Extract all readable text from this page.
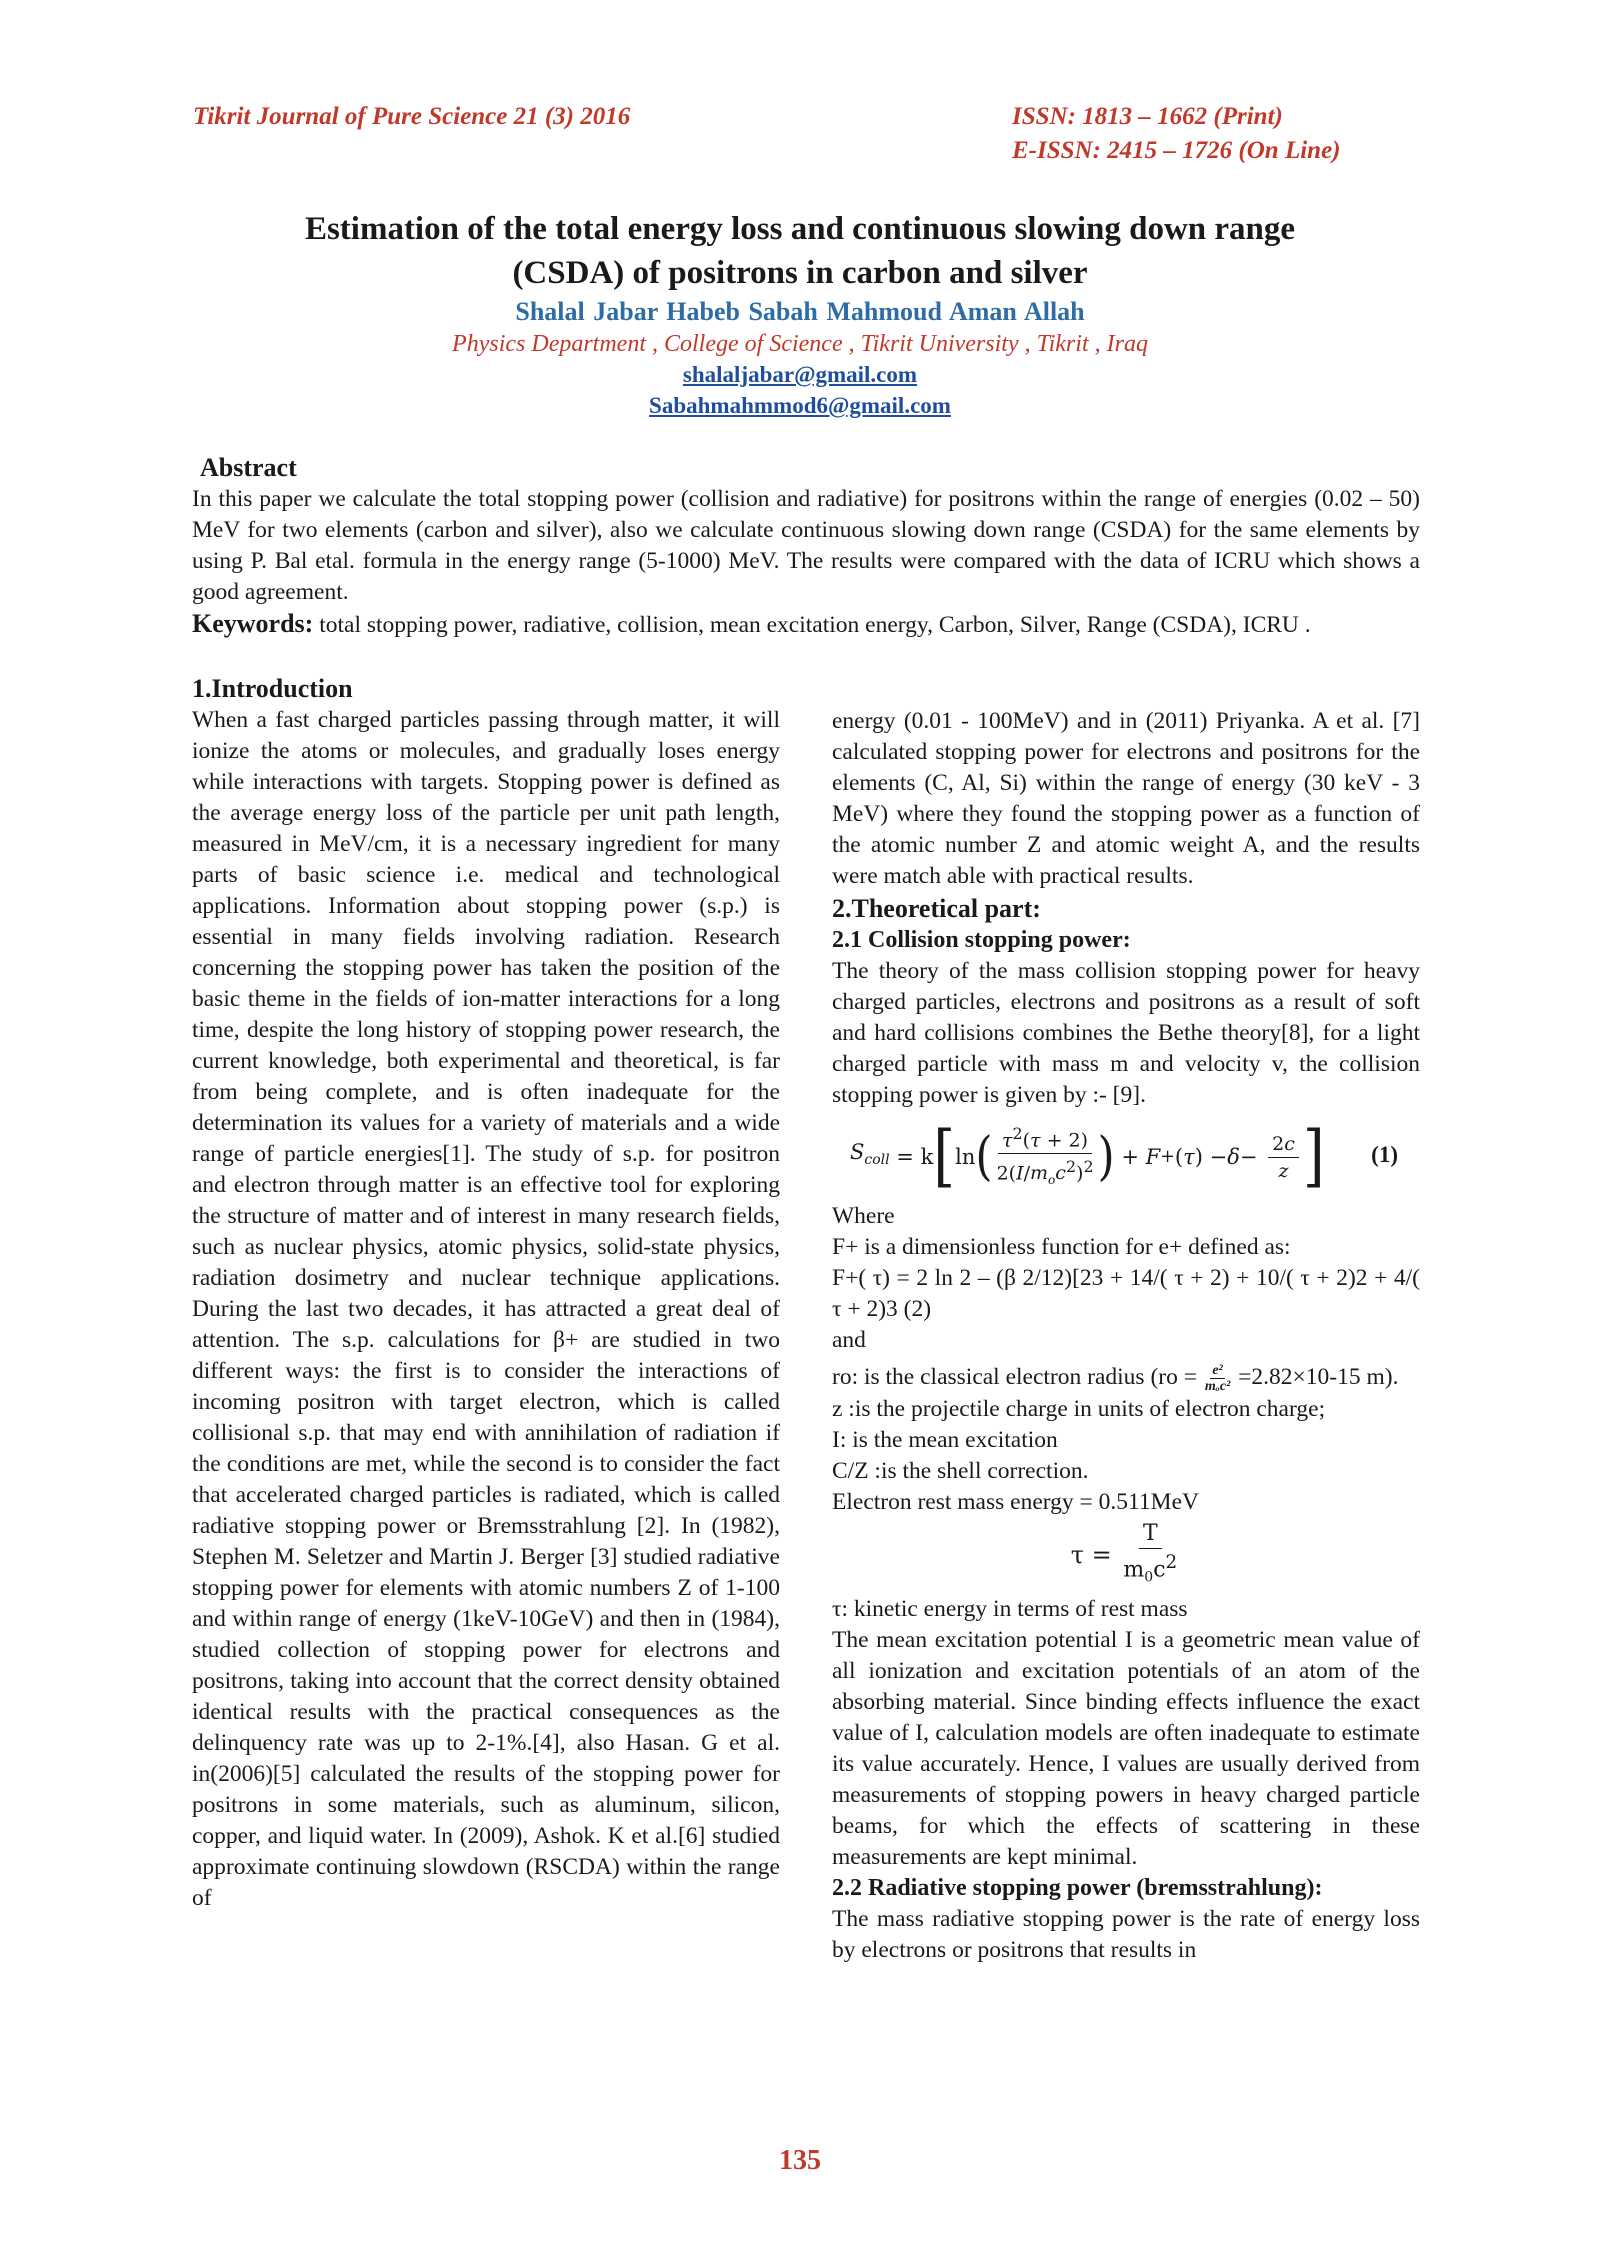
Tikrit Journal of Pure Science 21 (3) 2016	ISSN: 1813 – 1662 (Print)
E-ISSN: 2415 – 1726 (On Line)
Estimation of the total energy loss and continuous slowing down range
(CSDA) of positrons in carbon and silver
Shalal Jabar Habeb Sabah Mahmoud Aman Allah
Physics Department , College of Science , Tikrit University , Tikrit , Iraq
shalaljabar@gmail.com
Sabahmahmmod6@gmail.com
Abstract
In this paper we calculate the total stopping power (collision and radiative) for positrons within the range of energies (0.02 – 50) MeV for two elements (carbon and silver), also we calculate continuous slowing down range (CSDA) for the same elements by using P. Bal etal. formula in the energy range (5-1000) MeV. The results were compared with the data of ICRU which shows a good agreement.
Keywords: total stopping power, radiative, collision, mean excitation energy, Carbon, Silver, Range (CSDA), ICRU .
1.Introduction

When a fast charged particles passing through matter, it will ionize the atoms or molecules, and gradually loses energy while interactions with targets. Stopping power is defined as the average energy loss of the particle per unit path length, measured in MeV/cm, it is a necessary ingredient for many parts of basic science i.e. medical and technological applications. Information about stopping power (s.p.) is essential in many fields involving radiation. Research concerning the stopping power has taken the position of the basic theme in the fields of ion-matter interactions for a long time, despite the long history of stopping power research, the current knowledge, both experimental and theoretical, is far from being complete, and is often inadequate for the determination its values for a variety of materials and a wide range of particle energies[1]. The study of s.p. for positron and electron through matter is an effective tool for exploring the structure of matter and of interest in many research fields, such as nuclear physics, atomic physics, solid-state physics, radiation dosimetry and nuclear technique applications. During the last two decades, it has attracted a great deal of attention. The s.p. calculations for β+ are studied in two different ways: the first is to consider the interactions of incoming positron with target electron, which is called collisional s.p. that may end with annihilation of radiation if the conditions are met, while the second is to consider the fact that accelerated charged particles is radiated, which is called radiative stopping power or Bremsstrahlung [2]. In (1982), Stephen M. Seletzer and Martin J. Berger [3] studied radiative stopping power for elements with atomic numbers Z of 1-100 and within range of energy (1keV-10GeV) and then in (1984), studied collection of stopping power for electrons and positrons, taking into account that the correct density obtained identical results with the practical consequences as the delinquency rate was up to 2-1%.[4], also Hasan. G et al. in(2006)[5] calculated the results of the stopping power for positrons in some materials, such as aluminum, silicon, copper, and liquid water. In (2009), Ashok. K et al.[6] studied approximate continuing slowdown (RSCDA) within the range of

energy (0.01 - 100MeV) and in (2011) Priyanka. A et al. [7] calculated stopping power for electrons and positrons for the elements (C, Al, Si) within the range of energy (30 keV - 3 MeV) where they found the stopping power as a function of the atomic number Z and atomic weight A, and the results were match able with practical results.

2.Theoretical part:
2.1 Collision stopping power:

The theory of the mass collision stopping power for heavy charged particles, electrons and positrons as a result of soft and hard collisions combines the Bethe theory[8], for a light charged particle with mass m and velocity v, the collision stopping power is given by :- [9].

$S_{coll} = k$ [ ln ( $\frac{\tau^2(\tau + 2)}{2(I/m_oc^2)^2}$ ) + F + ( τ ) − $\delta - \frac{2c}{z}$ ] (1)

Where

F+ is a dimensionless function for e+ defined as:

F+( τ) = 2 ln 2 – (β 2/12)[23 + 14/( τ + 2) + 10/( τ + 2)2 + 4/( τ + 2)3 (2)

and

ro: is the classical electron radius ($ro = \frac{\text{e²}}{\text{mₒc²}} =2.82\times 10-15$ m).

z :is the projectile charge in units of electron charge;

I: is the mean excitation

C/Z :is the shell correction.

Electron rest mass energy = 0.511MeV

$\tau = \frac{T}{m_0c^2}$

τ: kinetic energy in terms of rest mass

The mean excitation potential I is a geometric mean value of all ionization and excitation potentials of an atom of the absorbing material. Since binding effects influence the exact value of I, calculation models are often inadequate to estimate its value accurately. Hence, I values are usually derived from measurements of stopping powers in heavy charged particle beams, for which the effects of scattering in these measurements are kept minimal.

2.2 Radiative stopping power (bremsstrahlung):

The mass radiative stopping power is the rate of energy loss by electrons or positrons that results in

135
